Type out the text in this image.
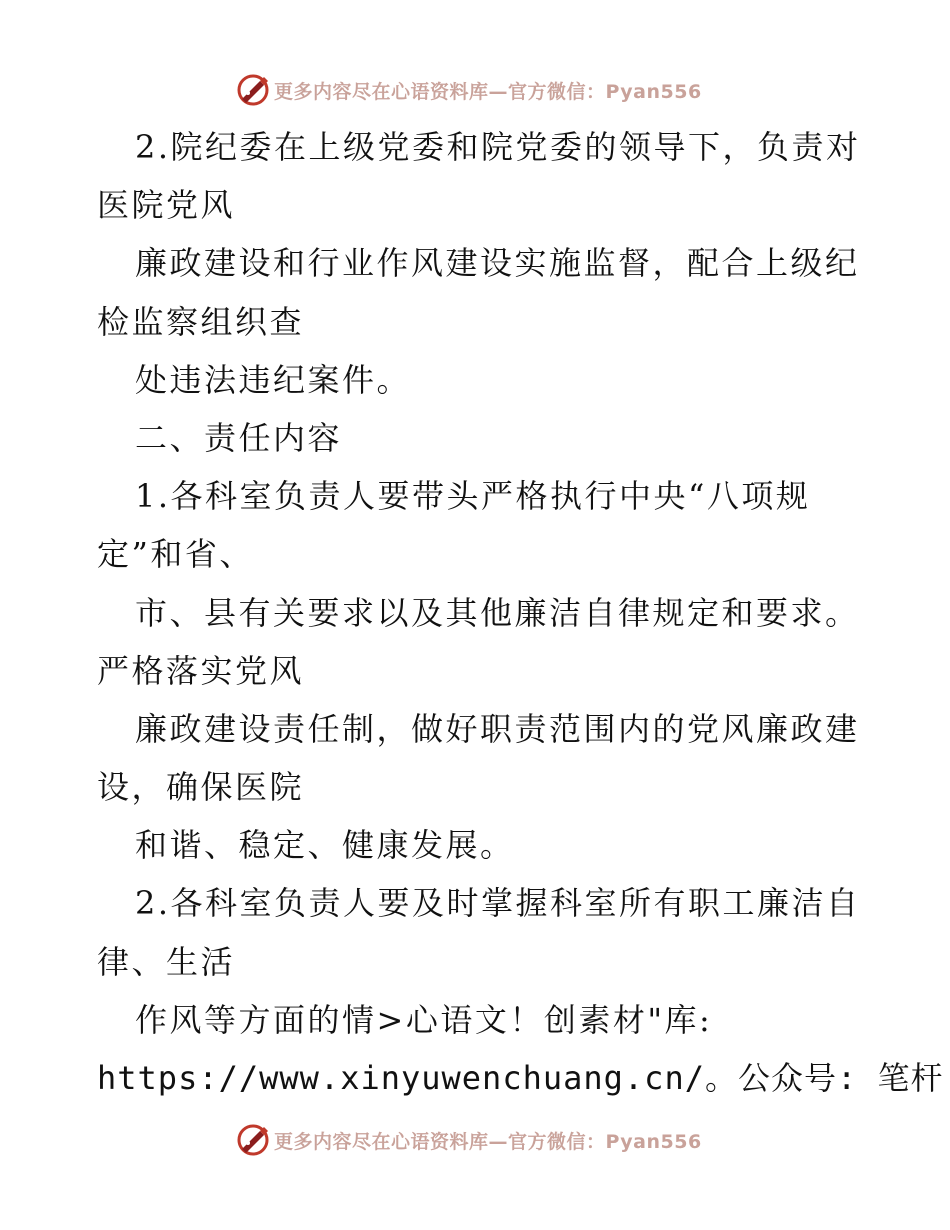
更多内容尽在心语资料库—官方微信：Pyan556
2.院纪委在上级党委和院党委的领导下，负责对
医院党风
廉政建设和行业作风建设实施监督，配合上级纪
检监察组织查
处违法违纪案件。
二、责任内容
1.各科室负责人要带头严格执行中央“八项规
定”和省、
市、县有关要求以及其他廉洁自律规定和要求。
严格落实党风
廉政建设责任制，做好职责范围内的党风廉政建
设，确保医院
和谐、稳定、健康发展。
2.各科室负责人要及时掌握科室所有职工廉洁自
律、生活
作风等方面的情>心语文！创素材"库:
https://www.xinyuwenchuang.cn/。公众号: 笔杆
更多内容尽在心语资料库—官方微信：Pyan556
